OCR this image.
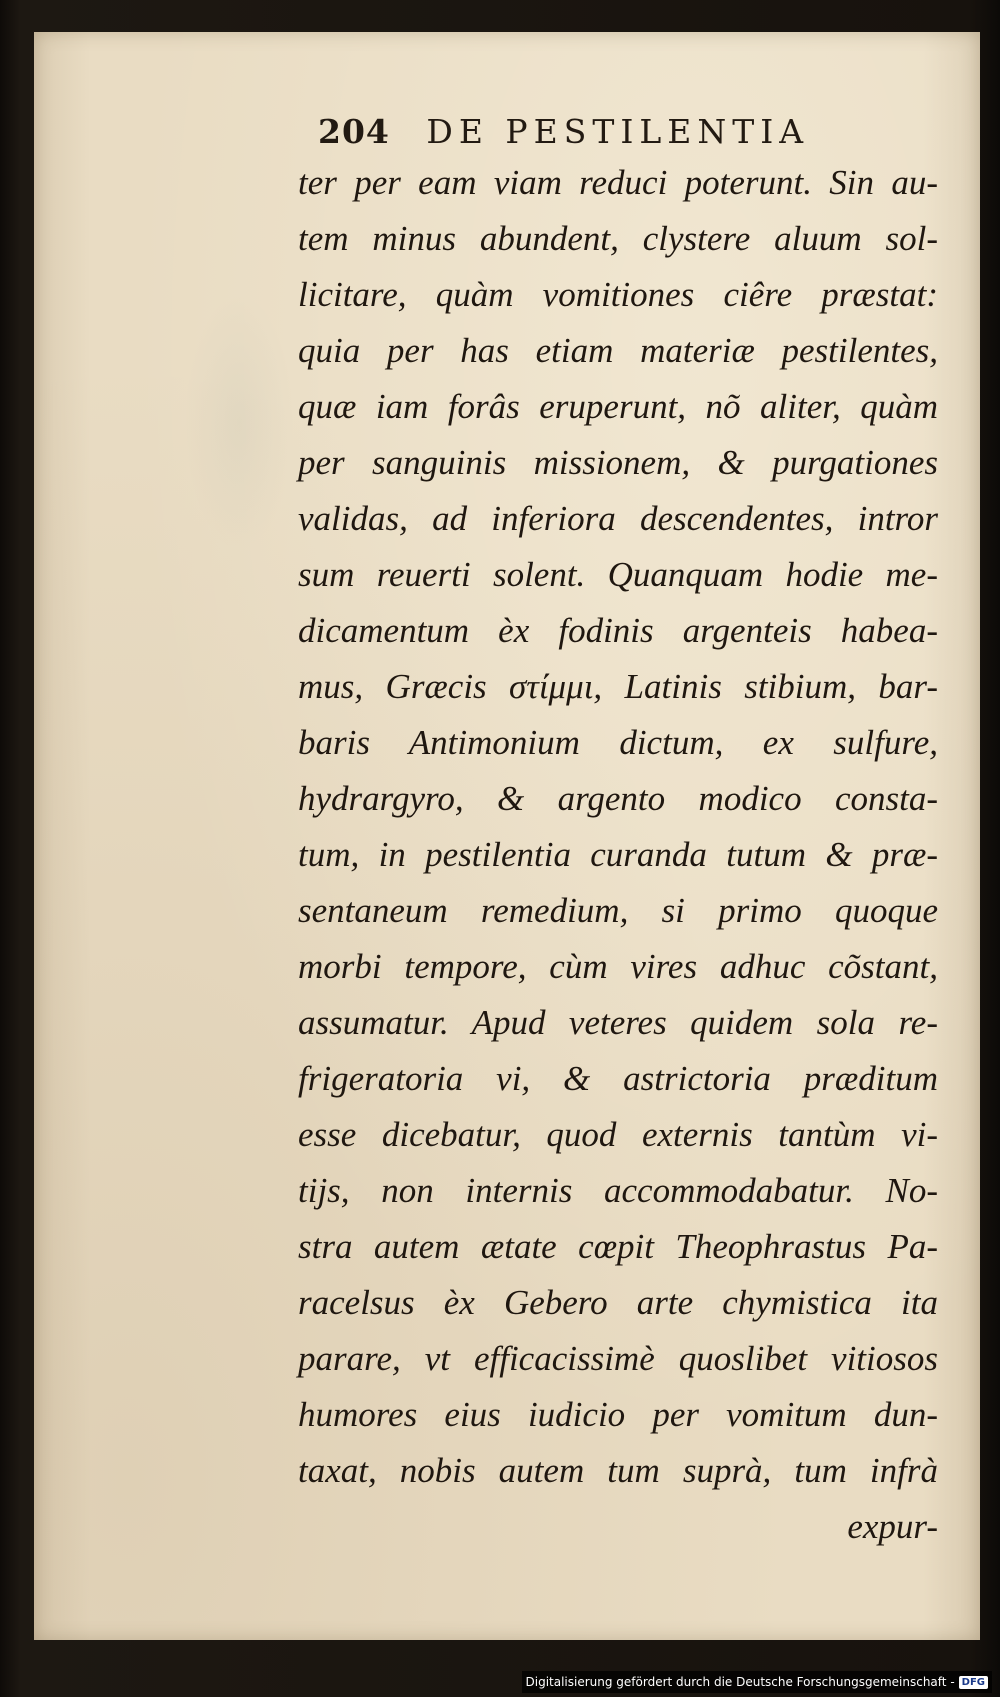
204 DE PESTILENTIA
ter per eam viam reduci poterunt. Sin au-
tem minus abundent, clystere aluum sol-
licitare, quàm vomitiones ciêre præstat:
quia per has etiam materiæ pestilentes,
quæ iam forâs eruperunt, nõ aliter, quàm
per sanguinis missionem, & purgationes
validas, ad inferiora descendentes, intror
sum reuerti solent. Quanquam hodie me-
dicamentum èx fodinis argenteis habea-
mus, Græcis στίμμι, Latinis stibium, bar-
baris Antimonium dictum, ex sulfure,
hydrargyro, & argento modico consta-
tum, in pestilentia curanda tutum & præ-
sentaneum remedium, si primo quoque
morbi tempore, cùm vires adhuc cõstant,
assumatur. Apud veteres quidem sola re-
frigeratoria vi, & astrictoria præditum
esse dicebatur, quod externis tantùm vi-
tijs, non internis accommodabatur. No-
stra autem ætate cœpit Theophrastus Pa-
racelsus èx Gebero arte chymistica ita
parare, vt efficacissimè quoslibet vitiosos
humores eius iudicio per vomitum dun-
taxat, nobis autem tum suprà, tum infrà
expur-
Digitalisierung gefördert durch die Deutsche Forschungsgemeinschaft - DFG
